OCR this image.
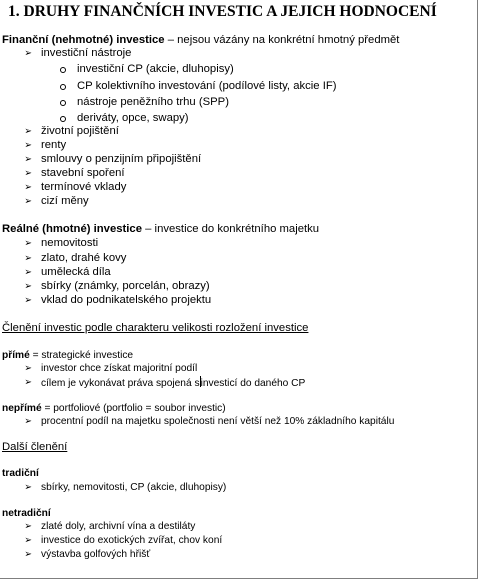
1. DRUHY FINANČNÍCH INVESTIC A JEJICH HODNOCENÍ
Finanční (nehmotné) investice – nejsou vázány na konkrétní hmotný předmět
➢ investiční nástroje
investiční CP (akcie, dluhopisy)
CP kolektivního investování (podílové listy, akcie IF)
nástroje peněžního trhu (SPP)
deriváty, opce, swapy)
➢ životní pojištění
➢ renty
➢ smlouvy o penzijním připojištění
➢ stavební spoření
➢ termínové vklady
➢ cizí měny
Reálné (hmotné) investice – investice do konkrétního majetku
➢ nemovitosti
➢ zlato, drahé kovy
➢ umělecká díla
➢ sbírky (známky, porcelán, obrazy)
➢ vklad do podnikatelského projektu
Členění investic podle charakteru velikosti rozložení investice
přímé = strategické investice
➢ investor chce získat majoritní podíl
➢ cílem je vykonávat práva spojená sinvesticí do daného CP
nepřímé = portfoliové (portfolio = soubor investic)
➢ procentní podíl na majetku společnosti není větší než 10% základního kapitálu
Další členění
tradiční
➢ sbírky, nemovitosti, CP (akcie, dluhopisy)
netradiční
➢ zlaté doly, archivní vína a destiláty
➢ investice do exotických zvířat, chov koní
➢ výstavba golfových hřišť
